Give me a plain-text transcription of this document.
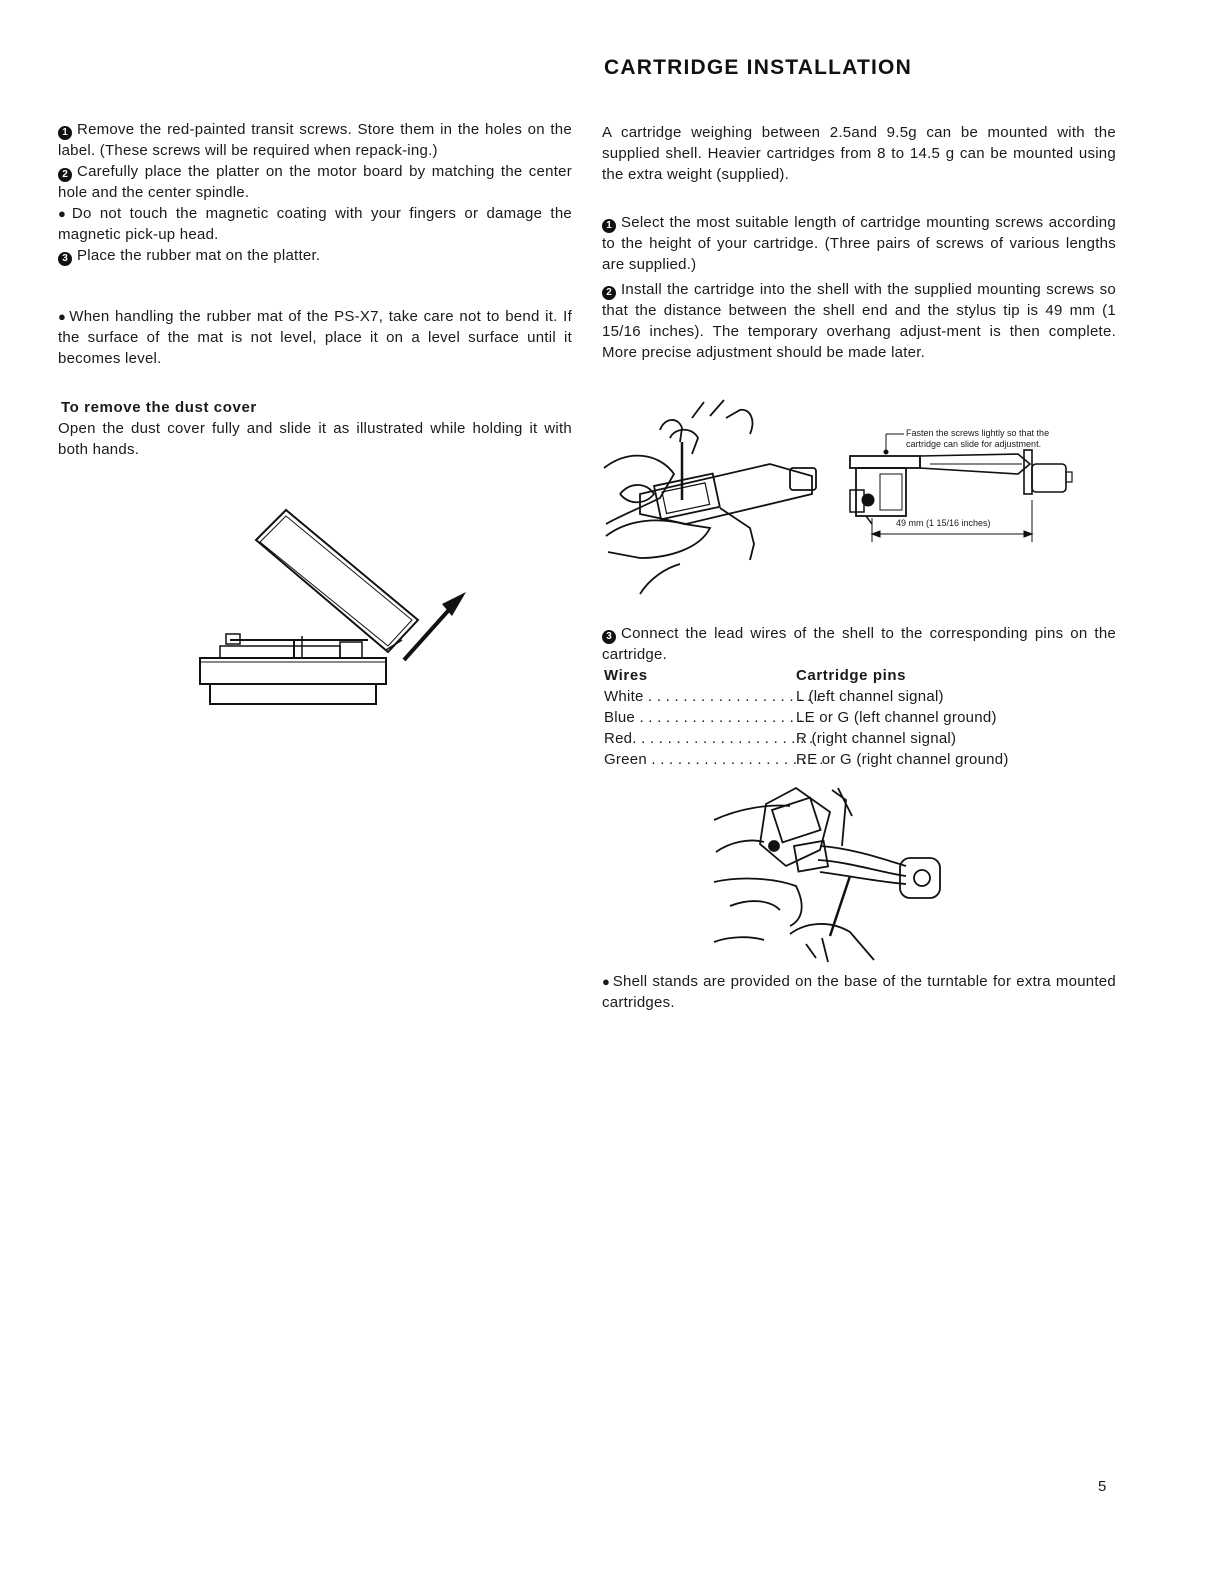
CARTRIDGE INSTALLATION

1 Remove the red-painted transit screws. Store them in the holes on the label. (These screws will be required when repack-ing.)

2 Carefully place the platter on the motor board by matching the center hole and the center spindle.

● Do not touch the magnetic coating with your fingers or damage the magnetic pick-up head.

3 Place the rubber mat on the platter.

● When handling the rubber mat of the PS-X7, take care not to bend it. If the surface of the mat is not level, place it on a level surface until it becomes level.

To remove the dust cover

Open the dust cover fully and slide it as illustrated while holding it with both hands.

A cartridge weighing between 2.5and 9.5g can be mounted with the supplied shell. Heavier cartridges from 8 to 14.5 g can be mounted using the extra weight (supplied).

1 Select the most suitable length of cartridge mounting screws according to the height of your cartridge. (Three pairs of screws of various lengths are supplied.)

2 Install the cartridge into the shell with the supplied mounting screws so that the distance between the shell end and the stylus tip is 49 mm (1 15/16 inches). The temporary overhang adjust-ment is then complete. More precise adjustment should be made later.

Fasten the screws lightly so that the
cartridge can slide for adjustment.
49 mm (1 15/16 inches)

3 Connect the lead wires of the shell to the corresponding pins on the cartridge.

Wires	Cartridge pins
White . . . . . . . . . . . . . . . . . . . .
L (left channel signal)
Blue . . . . . . . . . . . . . . . . . . . .
LE or G (left channel ground)
Red. . . . . . . . . . . . . . . . . . . . .
R (right channel signal)
Green . . . . . . . . . . . . . . . . . . . .
RE or G (right channel ground)

● Shell stands are provided on the base of the turntable for extra mounted cartridges.

5
